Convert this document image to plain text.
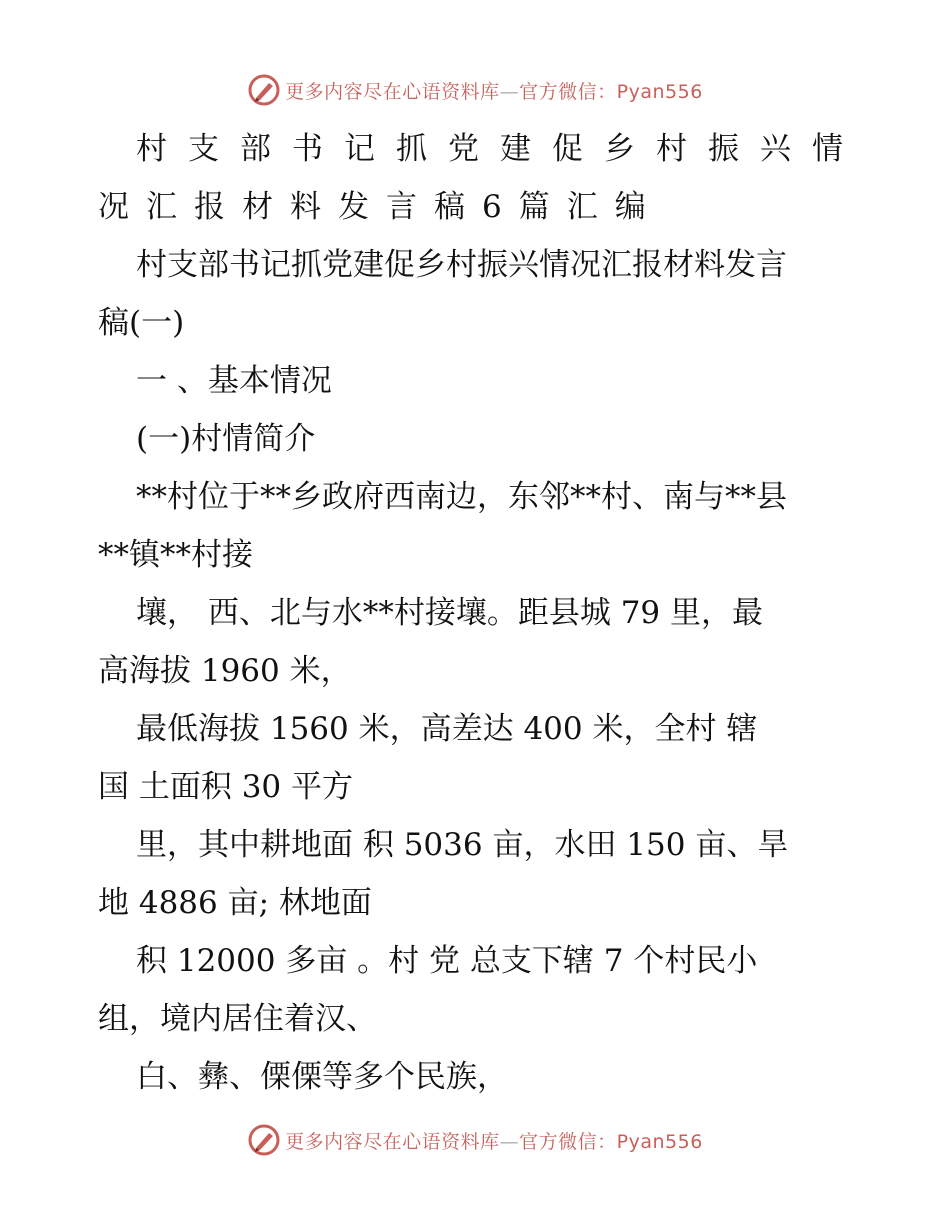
更多内容尽在心语资料库—官方微信：Pyan556
村支部书记抓党建促乡村振兴情
况汇报材料发言稿6篇汇编
村支部书记抓党建促乡村振兴情况汇报材料发言
稿(一)
一 、基本情况
(一)村情简介
**村位于**乡政府西南边，东邻**村、南与**县
**镇**村接
壤， 西、北与水**村接壤。距县城 79 里，最
高海拔 1960 米，
最低海拔 1560 米，高差达 400 米，全村 辖
国 土面积 30 平方
里，其中耕地面 积 5036 亩，水田 150 亩、旱
地 4886 亩; 林地面
积 12000 多亩 。村 党 总支下辖 7 个村民小
组，境内居住着汉、
白、彝、傈傈等多个民族，
更多内容尽在心语资料库—官方微信：Pyan556
